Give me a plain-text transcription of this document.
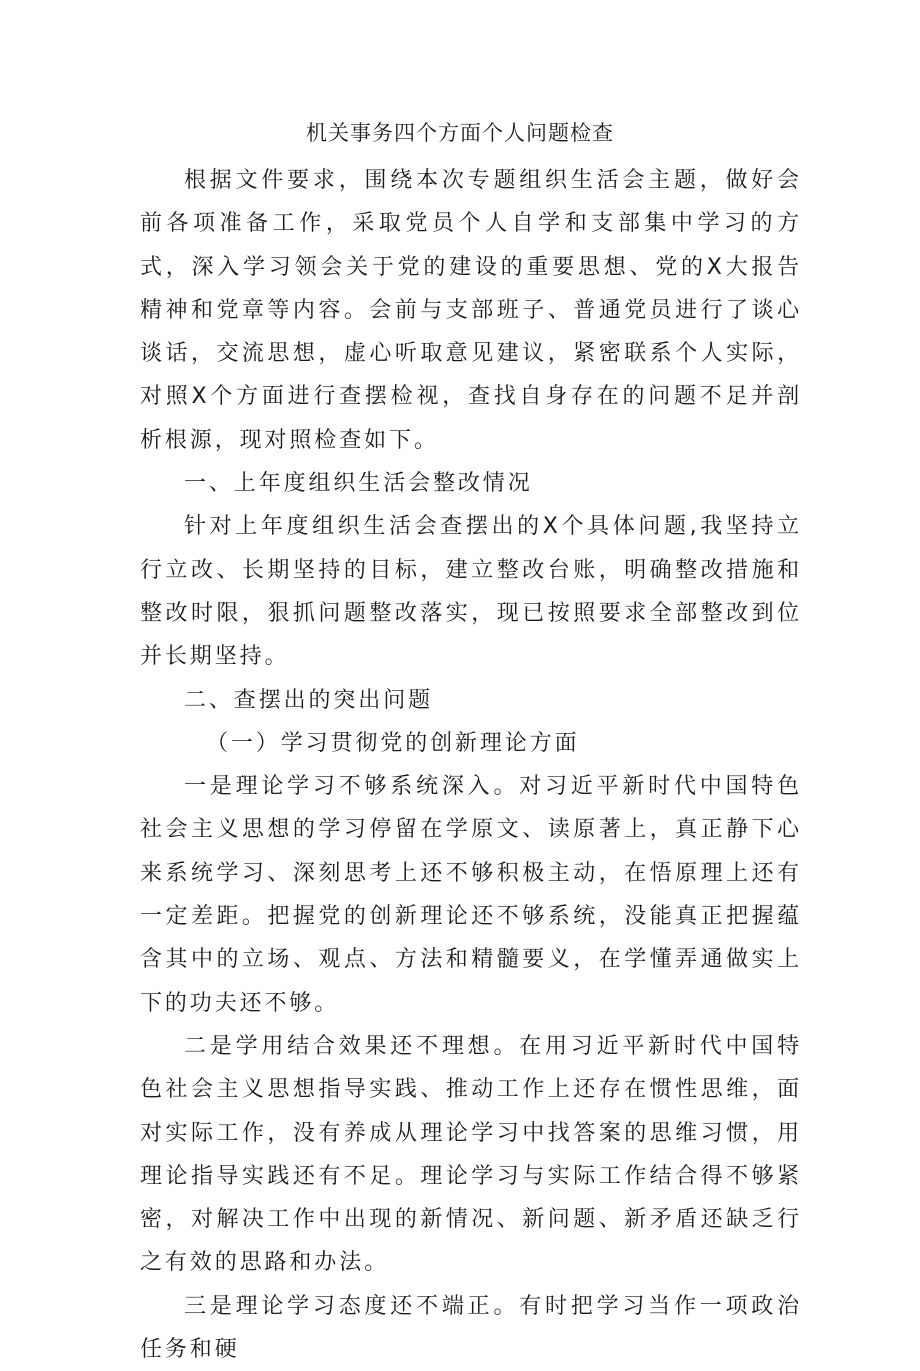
机关事务四个方面个人问题检查

根据文件要求，围绕本次专题组织生活会主题，做好会前各项准备工作，采取党员个人自学和支部集中学习的方式，深入学习领会关于党的建设的重要思想、党的X大报告精神和党章等内容。会前与支部班子、普通党员进行了谈心谈话，交流思想，虚心听取意见建议，紧密联系个人实际，对照X个方面进行查摆检视，查找自身存在的问题不足并剖析根源，现对照检查如下。

一、上年度组织生活会整改情况

针对上年度组织生活会查摆出的X个具体问题,我坚持立行立改、长期坚持的目标，建立整改台账，明确整改措施和整改时限，狠抓问题整改落实，现已按照要求全部整改到位并长期坚持。

二、查摆出的突出问题

（一）学习贯彻党的创新理论方面

一是理论学习不够系统深入。对习近平新时代中国特色社会主义思想的学习停留在学原文、读原著上，真正静下心来系统学习、深刻思考上还不够积极主动，在悟原理上还有一定差距。把握党的创新理论还不够系统，没能真正把握蕴含其中的立场、观点、方法和精髓要义，在学懂弄通做实上下的功夫还不够。

二是学用结合效果还不理想。在用习近平新时代中国特色社会主义思想指导实践、推动工作上还存在惯性思维，面对实际工作，没有养成从理论学习中找答案的思维习惯，用理论指导实践还有不足。理论学习与实际工作结合得不够紧密，对解决工作中出现的新情况、新问题、新矛盾还缺乏行之有效的思路和办法。

三是理论学习态度还不端正。有时把学习当作一项政治任务和硬
